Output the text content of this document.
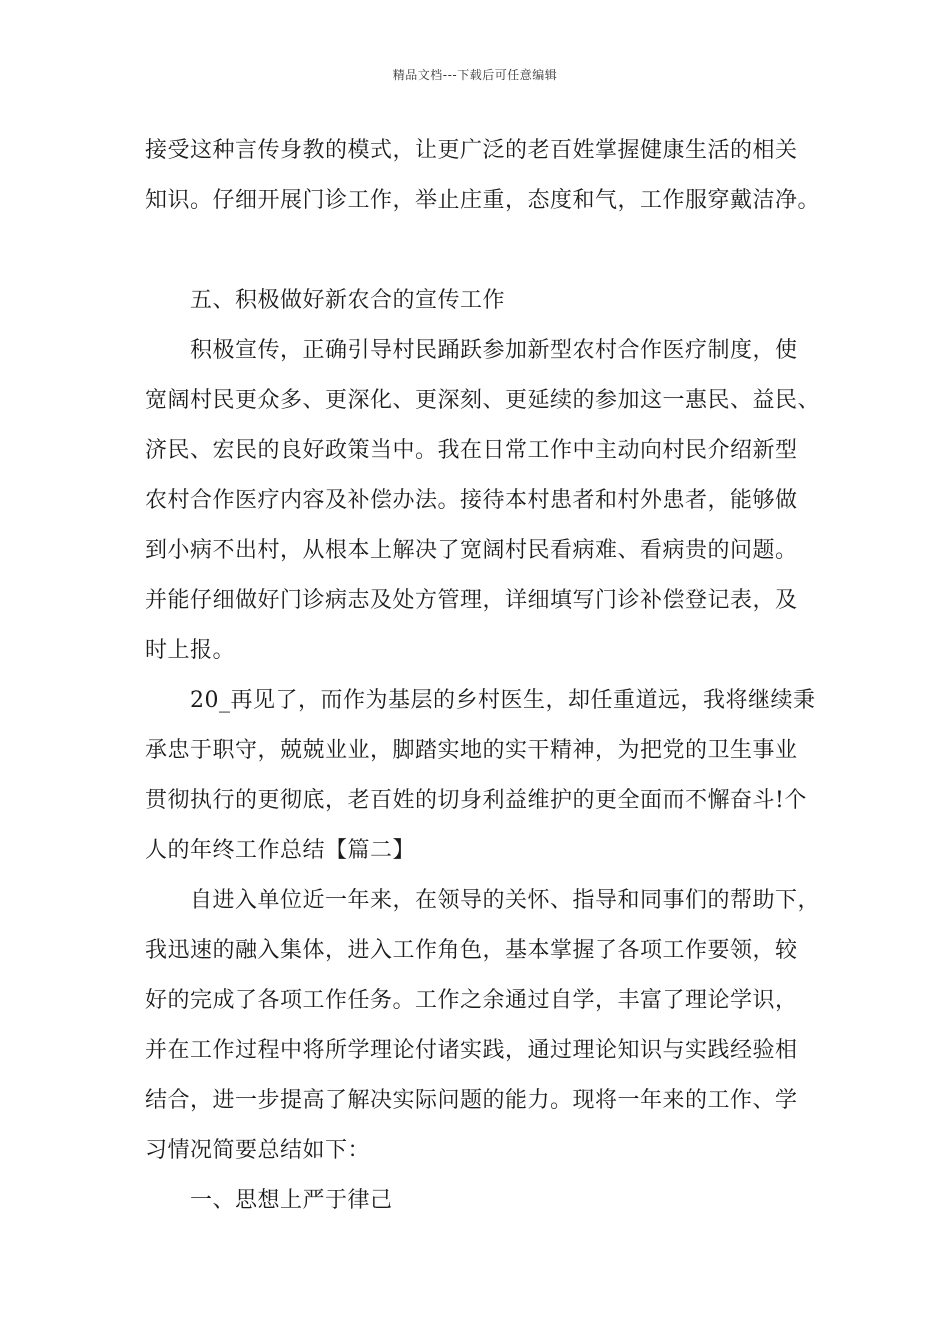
精品文档---下载后可任意编辑
接受这种言传身教的模式，让更广泛的老百姓掌握健康生活的相关
知识。仔细开展门诊工作，举止庄重，态度和气，工作服穿戴洁净。
五、积极做好新农合的宣传工作
积极宣传，正确引导村民踊跃参加新型农村合作医疗制度，使
宽阔村民更众多、更深化、更深刻、更延续的参加这一惠民、益民、
济民、宏民的良好政策当中。我在日常工作中主动向村民介绍新型
农村合作医疗内容及补偿办法。接待本村患者和村外患者，能够做
到小病不出村，从根本上解决了宽阔村民看病难、看病贵的问题。
并能仔细做好门诊病志及处方管理，详细填写门诊补偿登记表，及
时上报。
20_再见了，而作为基层的乡村医生，却任重道远，我将继续秉
承忠于职守，兢兢业业，脚踏实地的实干精神，为把党的卫生事业
贯彻执行的更彻底，老百姓的切身利益维护的更全面而不懈奋斗!个
人的年终工作总结【篇二】
自进入单位近一年来，在领导的关怀、指导和同事们的帮助下，
我迅速的融入集体，进入工作角色，基本掌握了各项工作要领，较
好的完成了各项工作任务。工作之余通过自学，丰富了理论学识，
并在工作过程中将所学理论付诸实践，通过理论知识与实践经验相
结合，进一步提高了解决实际问题的能力。现将一年来的工作、学
习情况简要总结如下：
一、思想上严于律己
